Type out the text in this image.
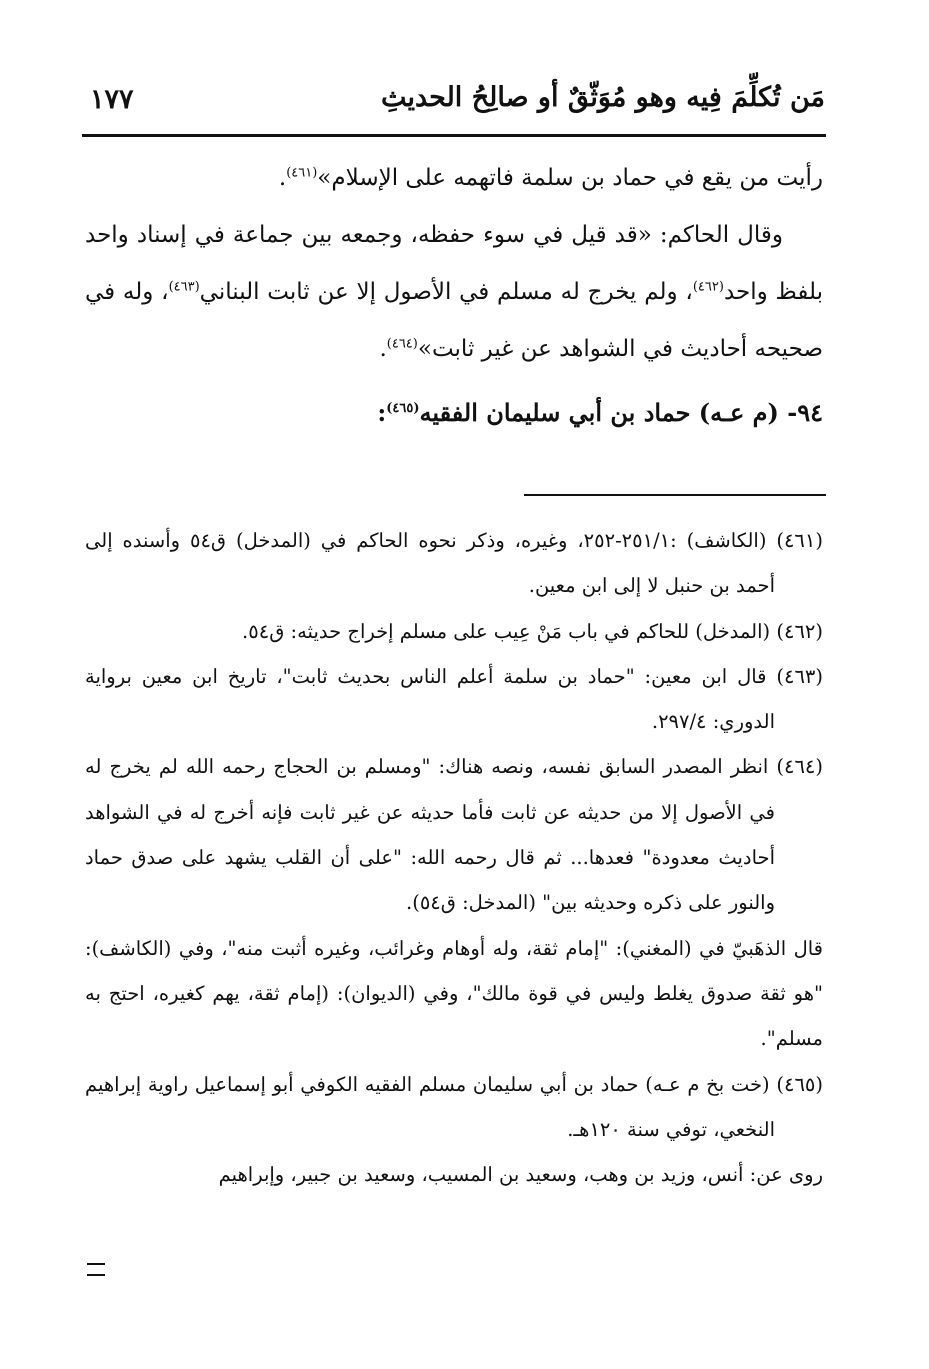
مَن تُكلِّمَ فِيه وهو مُوَثّقٌ أو صالِحُ الحديثِ
١٧٧

رأيت من يقع في حماد بن سلمة فاتهمه على الإسلام»$^{(٤٦١)}$.

وقال الحاكم: «قد قيل في سوء حفظه، وجمعه بين جماعة في إسناد واحد بلفظ واحد$^{(٤٦٢)}$، ولم يخرج له مسلم في الأصول إلا عن ثابت البناني$^{(٤٦٣)}$، وله في صحيحه أحاديث في الشواهد عن غير ثابت»$^{(٤٦٤)}$.

٩٤- (م عـه) حماد بن أبي سليمان الفقيه$^{(٤٦٥)}$:

(٤٦١) (الكاشف) :٢٥١/١-٢٥٢، وغيره، وذكر نحوه الحاكم في (المدخل) ق٥٤ وأسنده إلى أحمد بن حنبل لا إلى ابن معين.

(٤٦٢) (المدخل) للحاكم في باب مَنْ عِيب على مسلم إخراج حديثه: ق٥٤.

(٤٦٣) قال ابن معين: "حماد بن سلمة أعلم الناس بحديث ثابت"، تاريخ ابن معين برواية الدوري: ٢٩٧/٤.

(٤٦٤) انظر المصدر السابق نفسه، ونصه هناك: "ومسلم بن الحجاج رحمه الله لم يخرج له في الأصول إلا من حديثه عن ثابت فأما حديثه عن غير ثابت فإنه أخرج له في الشواهد أحاديث معدودة" فعدها... ثم قال رحمه الله: "على أن القلب يشهد على صدق حماد والنور على ذكره وحديثه بين" (المدخل: ق٥٤).

قال الذهَبيّ في (المغني): "إمام ثقة، وله أوهام وغرائب، وغيره أثبت منه"، وفي (الكاشف): "هو ثقة صدوق يغلط وليس في قوة مالك"، وفي (الديوان): (إمام ثقة، يهم كغيره، احتج به مسلم".

(٤٦٥) (خت بخ م عـه) حماد بن أبي سليمان مسلم الفقيه الكوفي أبو إسماعيل راوية إبراهيم النخعي، توفي سنة ١٢٠هـ.

روى عن: أنس، وزيد بن وهب، وسعيد بن المسيب، وسعيد بن جبير، وإبراهيم
